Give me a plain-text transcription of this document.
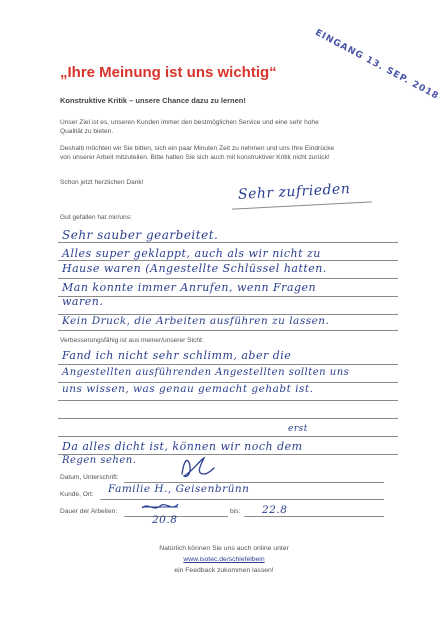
EINGANG 13. SEP. 2018
„Ihre Meinung ist uns wichtig“
Konstruktive Kritik – unsere Chance dazu zu lernen!
Unser Ziel ist es, unseren Kunden immer den bestmöglichen Service und eine sehr hohe
Qualität zu bieten.
Deshalb möchten wir Sie bitten, sich ein paar Minuten Zeit zu nehmen und uns Ihre Eindrücke
von unserer Arbeit mitzuteilen. Bitte halten Sie sich auch mit konstruktiver Kritik nicht zurück!
Schon jetzt herzlichen Dank!	Sehr zufrieden
Gut gefallen hat mir/uns:
Sehr sauber gearbeitet.
Alles super geklappt, auch als wir nicht zu
Hause waren (Angestellte Schlüssel hatten.
Man konnte immer Anrufen, wenn Fragen
waren.
Kein Druck, die Arbeiten ausführen zu lassen.
Verbesserungsfähig ist aus meiner/unserer Sicht:
Fand ich nicht sehr schlimm, aber die
Angestellten ausführenden Angestellten sollten uns
uns wissen, was genau gemacht gehabt ist.
erst
Da alles dicht ist, können wir noch dem
Regen sehen.
Datum, Unterschrift:
Kunde, Ort: Familie H., Geisenbrünn
Dauer der Arbeiten:	bis:
20.8
22.8
Natürlich können Sie uns auch online unter
www.isotec.de/schiefelbein
ein Feedback zukommen lassen!
